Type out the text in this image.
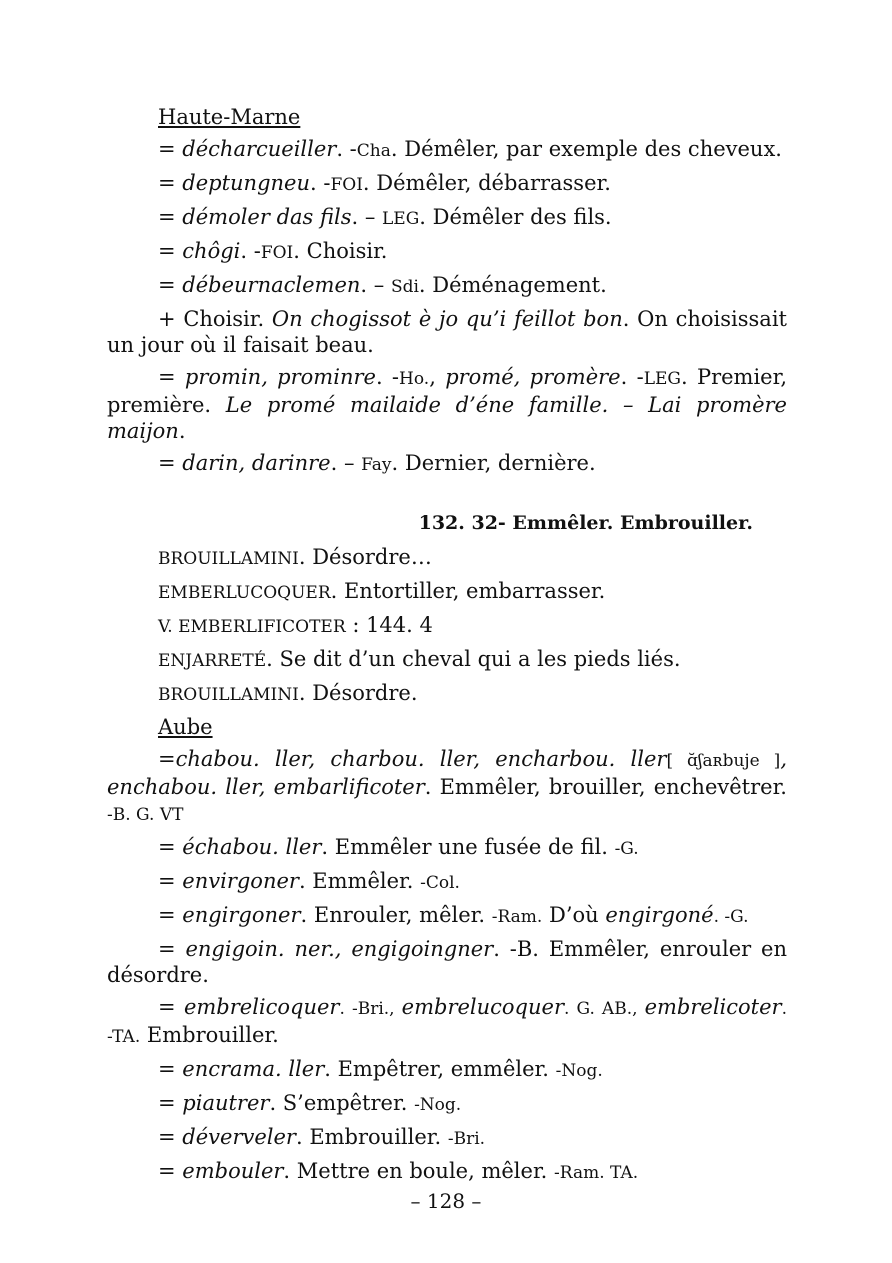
Haute-Marne

= décharcueiller. -Cha. Démêler, par exemple des cheveux.

= deptungneu. -FOI. Démêler, débarrasser.

= démoler das fils. – LEG. Démêler des fils.

= chôgi. -FOI. Choisir.

= débeurnaclemen. – Sdi. Déménagement.

+ Choisir. On chogissot è jo qu’i feillot bon. On choisissait un jour où il faisait beau.

= promin, prominre. -Ho., promé, promère. -LEG. Premier, première. Le promé mailaide d’éne famille. – Lai promère maijon.

= darin, darinre. – Fay. Dernier, dernière.

132. 32- Emmêler. Embrouiller.

BROUILLAMINI. Désordre…

EMBERLUCOQUER. Entortiller, embarrasser.

V. EMBERLIFICOTER : 144. 4

ENJARRETÉ. Se dit d’un cheval qui a les pieds liés.

BROUILLAMINI. Désordre.

Aube

=chabou. ller, charbou. ller, encharbou. ller[ ɑ̆ʃaʀbuje ], enchabou. ller, embarlificoter. Emmêler, brouiller, enchevêtrer. -B. G. VT

= échabou. ller. Emmêler une fusée de fil. -G.

= envirgoner. Emmêler. -Col.

= engirgoner. Enrouler, mêler. -Ram. D’où engirgoné. -G.

= engigoin. ner., engigoingner. -B. Emmêler, enrouler en désordre.

= embrelicoquer. -Bri., embrelucoquer. G. AB., embrelicoter. -TA. Embrouiller.

= encrama. ller. Empêtrer, emmêler. -Nog.

= piautrer. S’empêtrer. -Nog.

= déverveler. Embrouiller. -Bri.

= embouler. Mettre en boule, mêler. -Ram. TA.

– 128 –
